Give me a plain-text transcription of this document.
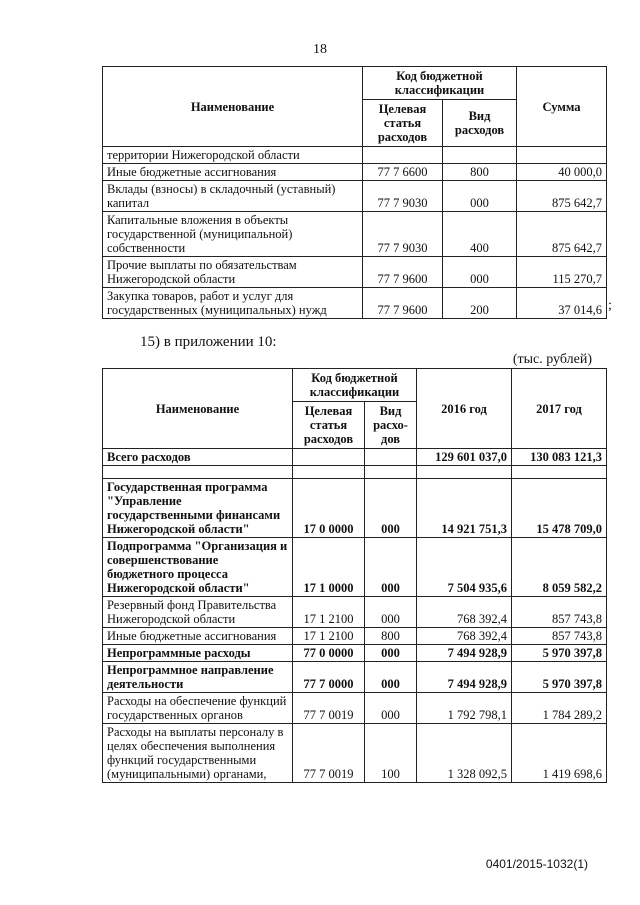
18
Наименование	Код бюджетной классификации		Сумма
	Целевая статья расходов	Вид расходов	
территории Нижегородской области			
Иные бюджетные ассигнования	77 7 6600	800	40 000,0
Вклады (взносы) в складочный (уставный) капитал	77 7 9030	000	875 642,7
Капитальные вложения в объекты государственной (муниципальной) собственности	77 7 9030	400	875 642,7
Прочие выплаты по обязательствам Нижегородской области	77 7 9600	000	115 270,7
Закупка товаров, работ и услуг для государственных (муниципальных) нужд	77 7 9600	200	37 014,6 ;
15) в приложении 10:
(тыс. рублей)
Наименование	Код бюджетной классификации		2016 год	2017 год
	Целевая статья расходов	Вид расхо-дов		
Всего расходов			129 601 037,0	130 083 121,3

Государственная программа "Управление государственными финансами Нижегородской области"	17 0 0000	000	14 921 751,3	15 478 709,0
Подпрограмма "Организация и совершенствование бюджетного процесса Нижегородской области"	17 1 0000	000	7 504 935,6	8 059 582,2
Резервный фонд Правительства Нижегородской области	17 1 2100	000	768 392,4	857 743,8
Иные бюджетные ассигнования	17 1 2100	800	768 392,4	857 743,8
Непрограммные расходы	77 0 0000	000	7 494 928,9	5 970 397,8
Непрограммное направление деятельности	77 7 0000	000	7 494 928,9	5 970 397,8
Расходы на обеспечение функций государственных органов	77 7 0019	000	1 792 798,1	1 784 289,2
Расходы на выплаты персоналу в целях обеспечения выполнения функций государственными (муниципальными) органами,	77 7 0019	100	1 328 092,5	1 419 698,6
0401/2015-1032(1)
